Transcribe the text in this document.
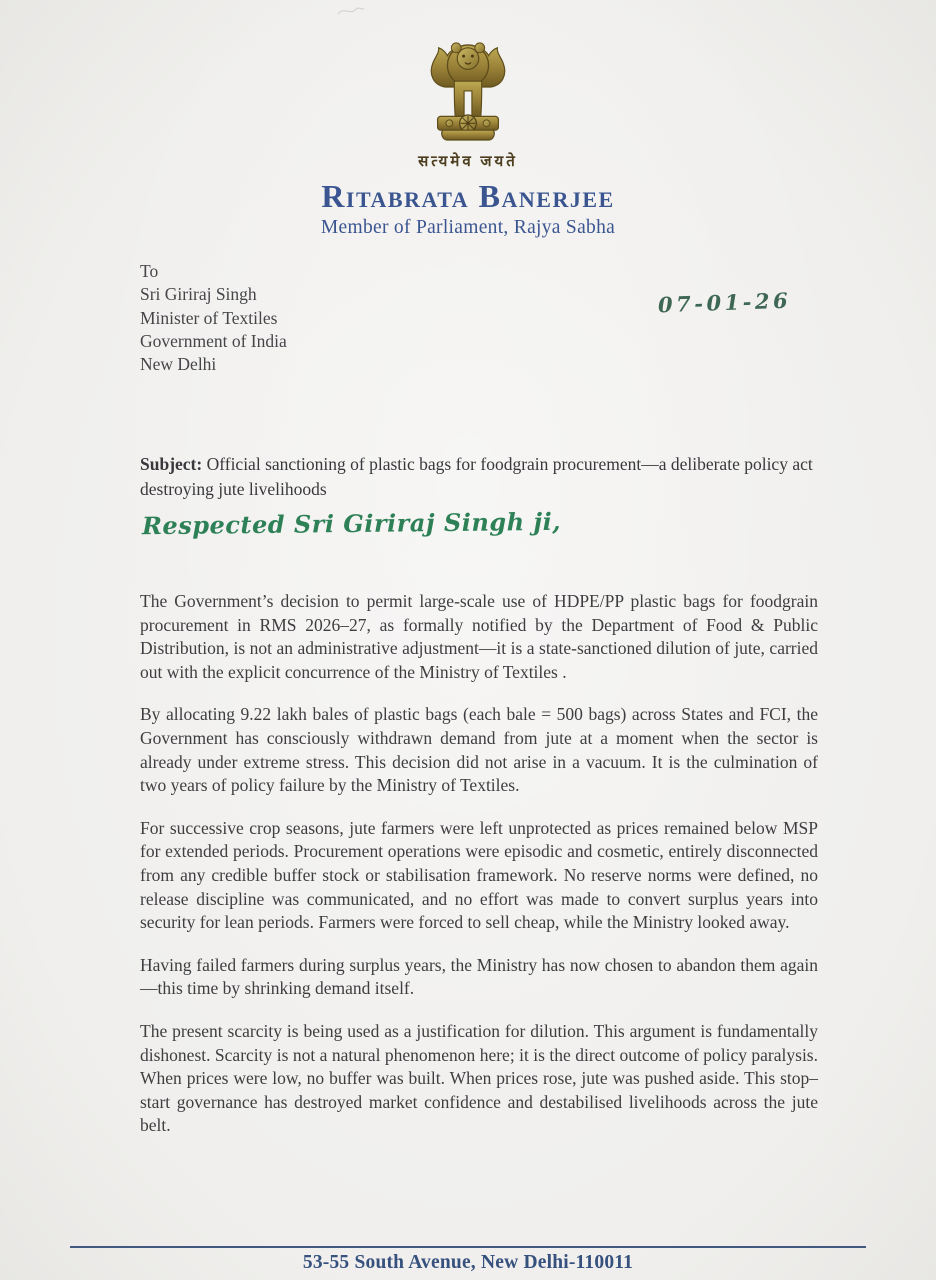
सत्यमेव जयते
Ritabrata Banerjee
Member of Parliament, Rajya Sabha
To
Sri Giriraj Singh
Minister of Textiles
Government of India
New Delhi
07-01-26
Subject: Official sanctioning of plastic bags for foodgrain procurement—a deliberate policy act destroying jute livelihoods
Respected Sri Giriraj Singh ji,

The Government’s decision to permit large-scale use of HDPE/PP plastic bags for foodgrain procurement in RMS 2026–27, as formally notified by the Department of Food & Public Distribution, is not an administrative adjustment—it is a state-sanctioned dilution of jute, carried out with the explicit concurrence of the Ministry of Textiles .

By allocating 9.22 lakh bales of plastic bags (each bale = 500 bags) across States and FCI, the Government has consciously withdrawn demand from jute at a moment when the sector is already under extreme stress. This decision did not arise in a vacuum. It is the culmination of two years of policy failure by the Ministry of Textiles.

For successive crop seasons, jute farmers were left unprotected as prices remained below MSP for extended periods. Procurement operations were episodic and cosmetic, entirely disconnected from any credible buffer stock or stabilisation framework. No reserve norms were defined, no release discipline was communicated, and no effort was made to convert surplus years into security for lean periods. Farmers were forced to sell cheap, while the Ministry looked away.

Having failed farmers during surplus years, the Ministry has now chosen to abandon them again—this time by shrinking demand itself.

The present scarcity is being used as a justification for dilution. This argument is fundamentally dishonest. Scarcity is not a natural phenomenon here; it is the direct outcome of policy paralysis. When prices were low, no buffer was built. When prices rose, jute was pushed aside. This stop–start governance has destroyed market confidence and destabilised livelihoods across the jute belt.

53-55 South Avenue, New Delhi-110011
